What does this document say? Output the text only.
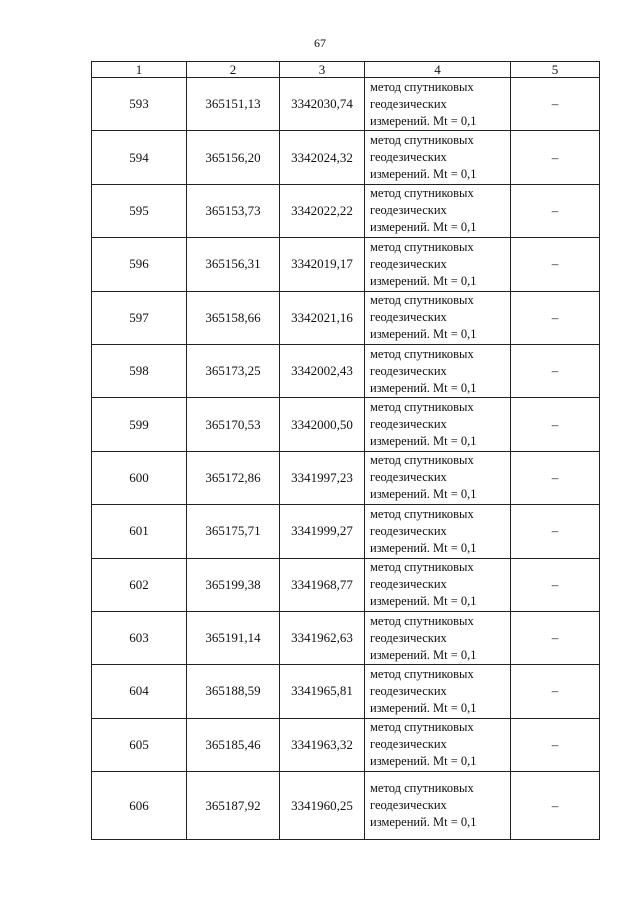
67
1	2	3	4	5
593	365151,13	3342030,74	метод спутниковых
геодезических
измерений. Mt = 0,1	–
594	365156,20	3342024,32	метод спутниковых
геодезических
измерений. Mt = 0,1	–
595	365153,73	3342022,22	метод спутниковых
геодезических
измерений. Mt = 0,1	–
596	365156,31	3342019,17	метод спутниковых
геодезических
измерений. Mt = 0,1	–
597	365158,66	3342021,16	метод спутниковых
геодезических
измерений. Mt = 0,1	–
598	365173,25	3342002,43	метод спутниковых
геодезических
измерений. Mt = 0,1	–
599	365170,53	3342000,50	метод спутниковых
геодезических
измерений. Mt = 0,1	–
600	365172,86	3341997,23	метод спутниковых
геодезических
измерений. Mt = 0,1	–
601	365175,71	3341999,27	метод спутниковых
геодезических
измерений. Mt = 0,1	–
602	365199,38	3341968,77	метод спутниковых
геодезических
измерений. Mt = 0,1	–
603	365191,14	3341962,63	метод спутниковых
геодезических
измерений. Mt = 0,1	–
604	365188,59	3341965,81	метод спутниковых
геодезических
измерений. Mt = 0,1	–
605	365185,46	3341963,32	метод спутниковых
геодезических
измерений. Mt = 0,1	–
606	365187,92	3341960,25	метод спутниковых
геодезических
измерений. Mt = 0,1	–
